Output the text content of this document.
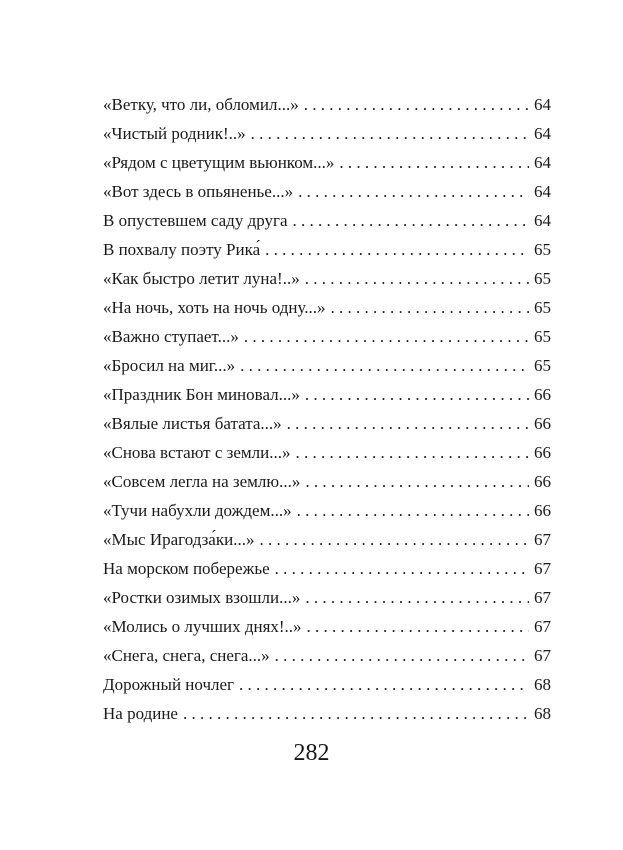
«Ветку, что ли, обломил...» . . .	64
«Чистый родник!..» . . .	64
«Рядом с цветущим вьюнком...» . . .	64
«Вот здесь в опьяненье...» . . .	64
В опустевшем саду друга . . .	64
В похвалу поэту Рика́ . . .	65
«Как быстро летит луна!..» . . .	65
«На ночь, хоть на ночь одну...» . . .	65
«Важно ступает...» . . .	65
«Бросил на миг...» . . .	65
«Праздник Бон миновал...» . . .	66
«Вялые листья батата...» . . .	66
«Снова встают с земли...» . . .	66
«Совсем легла на землю...» . . .	66
«Тучи набухли дождем...» . . .	66
«Мыс Ирагодза́ки...» . . .	67
На морском побережье . . .	67
«Ростки озимых взошли...» . . .	67
«Молись о лучших днях!..» . . .	67
«Снега, снега, снега...» . . .	67
Дорожный ночлег . . .	68
На родине . . .	68
282
